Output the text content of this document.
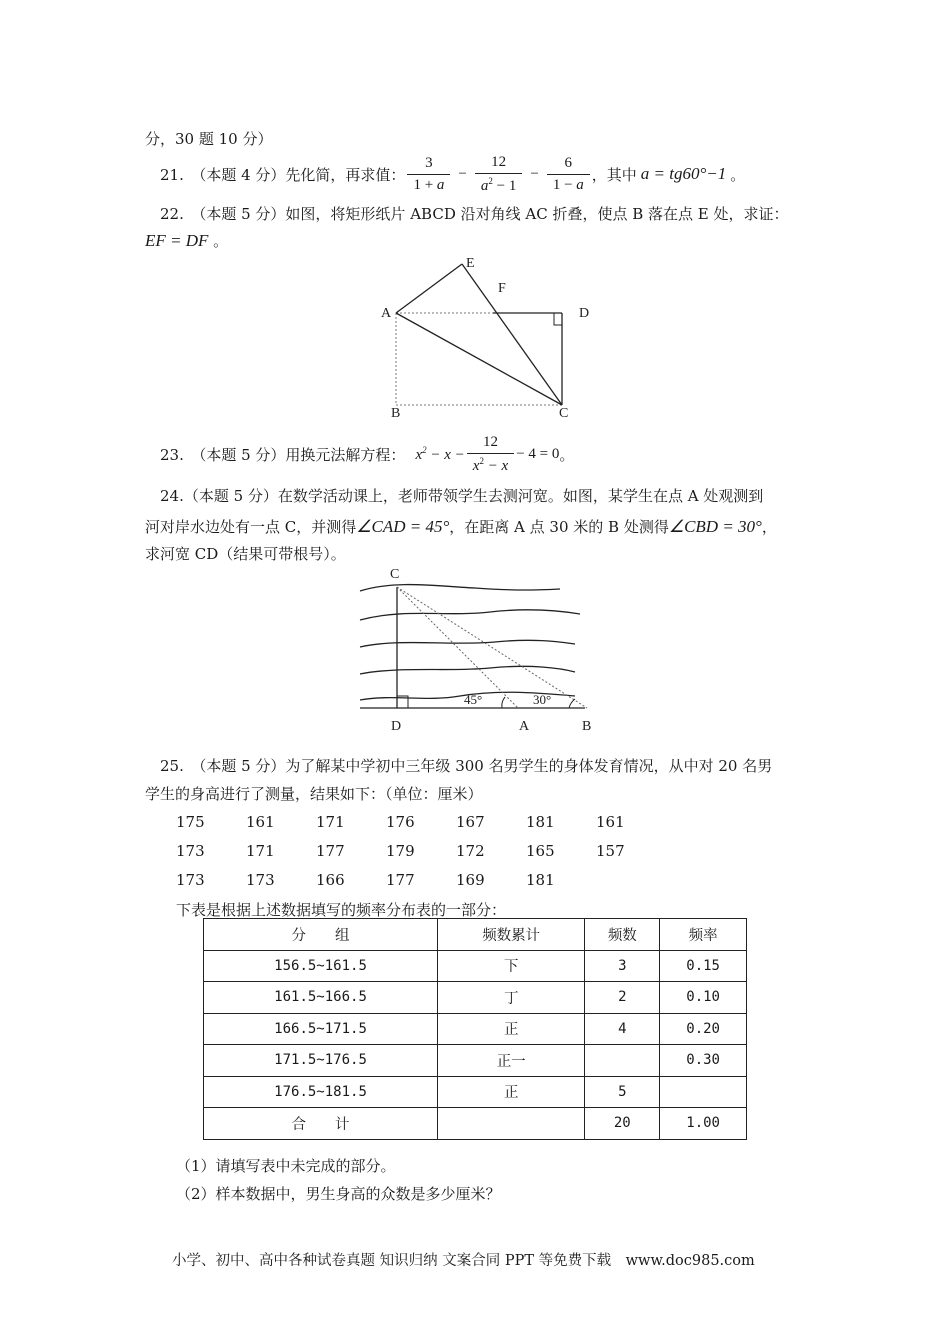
分，30 题 10 分）
21.　（本题 4 分）先化简，再求值： $\frac{3}{1 + a} - \frac{12}{a^2 - 1} - \frac{6}{1 - a}$ ，其中 a = tg60°−1 。
22.　（本题 5 分）如图，将矩形纸片 ABCD 沿对角线 AC 折叠，使点 B 落在点 E 处，求证：
EF = DF 。
E
F
A	D
B	C
23.　（本题 5 分）用换元法解方程： $x^2 - x - \frac{12}{x^2 - x} - 4 = 0$ 。
24.（本题 5 分）在数学活动课上，老师带领学生去测河宽。如图，某学生在点 A 处观测到
河对岸水边处有一点 C，并测得∠CAD = 45°，在距离 A 点 30 米的 B 处测得∠CBD = 30°，
求河宽 CD（结果可带根号）。
C
D	A	B
45°	30°
25.　（本题 5 分）为了解某中学初中三年级 300 名男学生的身体发育情况，从中对 20 名男
学生的身高进行了测量，结果如下：（单位：厘米）
175	161	171	176	167	181	161
173	171	177	179	172	165	157
173	173	166	177	169	181
下表是根据上述数据填写的频率分布表的一部分：
分　　组	频数累计	频数	频率
156.5~161.5	下	3	0.15
161.5~166.5	丁	2	0.10
166.5~171.5	正	4	0.20
171.5~176.5	正一		0.30
176.5~181.5	正	5	
合　　计		20	1.00
（1）请填写表中未完成的部分。
（2）样本数据中，男生身高的众数是多少厘米？
小学、初中、高中各种试卷真题 知识归纳 文案合同 PPT 等免费下载　www.doc985.com
